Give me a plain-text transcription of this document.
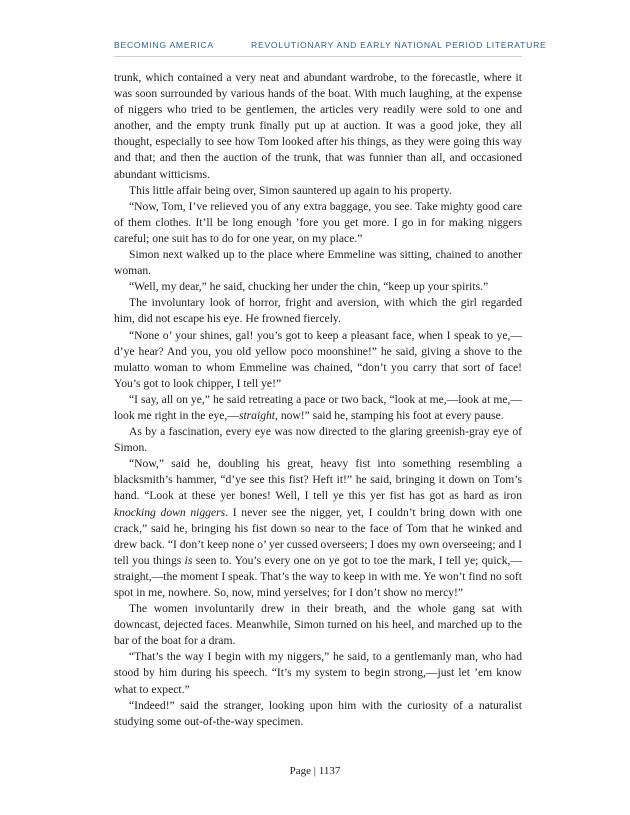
BECOMING AMERICA	REVOLUTIONARY AND EARLY NATIONAL PERIOD LITERATURE

trunk, which contained a very neat and abundant wardrobe, to the forecastle, where it was soon surrounded by various hands of the boat. With much laughing, at the expense of niggers who tried to be gentlemen, the articles very readily were sold to one and another, and the empty trunk finally put up at auction. It was a good joke, they all thought, especially to see how Tom looked after his things, as they were going this way and that; and then the auction of the trunk, that was funnier than all, and occasioned abundant witticisms.

This little affair being over, Simon sauntered up again to his property.

“Now, Tom, I’ve relieved you of any extra baggage, you see. Take mighty good care of them clothes. It’ll be long enough ’fore you get more. I go in for making niggers careful; one suit has to do for one year, on my place.”

Simon next walked up to the place where Emmeline was sitting, chained to another woman.

“Well, my dear,” he said, chucking her under the chin, “keep up your spirits.”

The involuntary look of horror, fright and aversion, with which the girl regarded him, did not escape his eye. He frowned fiercely.

“None o’ your shines, gal! you’s got to keep a pleasant face, when I speak to ye,—d’ye hear? And you, you old yellow poco moonshine!” he said, giving a shove to the mulatto woman to whom Emmeline was chained, “don’t you carry that sort of face! You’s got to look chipper, I tell ye!”

“I say, all on ye,” he said retreating a pace or two back, “look at me,—look at me,—look me right in the eye,—straight, now!” said he, stamping his foot at every pause.

As by a fascination, every eye was now directed to the glaring greenish-gray eye of Simon.

“Now,” said he, doubling his great, heavy fist into something resembling a blacksmith’s hammer, “d’ye see this fist? Heft it!” he said, bringing it down on Tom’s hand. “Look at these yer bones! Well, I tell ye this yer fist has got as hard as iron knocking down niggers. I never see the nigger, yet, I couldn’t bring down with one crack,” said he, bringing his fist down so near to the face of Tom that he winked and drew back. “I don’t keep none o’ yer cussed overseers; I does my own overseeing; and I tell you things is seen to. You’s every one on ye got to toe the mark, I tell ye; quick,—straight,—the moment I speak. That’s the way to keep in with me. Ye won’t find no soft spot in me, nowhere. So, now, mind yerselves; for I don’t show no mercy!”

The women involuntarily drew in their breath, and the whole gang sat with downcast, dejected faces. Meanwhile, Simon turned on his heel, and marched up to the bar of the boat for a dram.

“That’s the way I begin with my niggers,” he said, to a gentlemanly man, who had stood by him during his speech. “It’s my system to begin strong,—just let ’em know what to expect.”

“Indeed!” said the stranger, looking upon him with the curiosity of a naturalist studying some out-of-the-way specimen.

Page | 1137
